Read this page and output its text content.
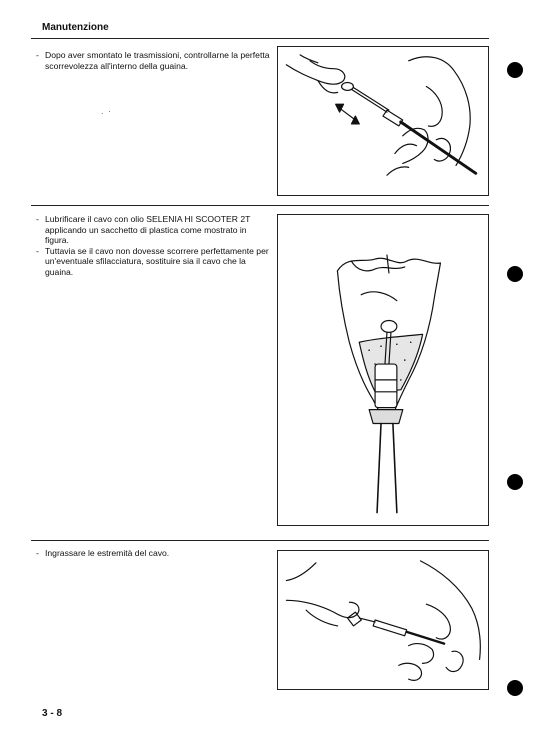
Manutenzione
- Dopo aver smontato le trasmissioni, controllarne la perfetta scorrevolezza all'interno della guaina.
. ·
- Lubrificare il cavo con olio SELENIA HI SCOOTER 2T applicando un sacchetto di plastica come mostrato in figura.
- Tuttavia se il cavo non dovesse scorrere perfettamente per un'eventuale sfilacciatura, sostituire sia il cavo che la guaina.
- Ingrassare le estremità del cavo.
3 - 8
